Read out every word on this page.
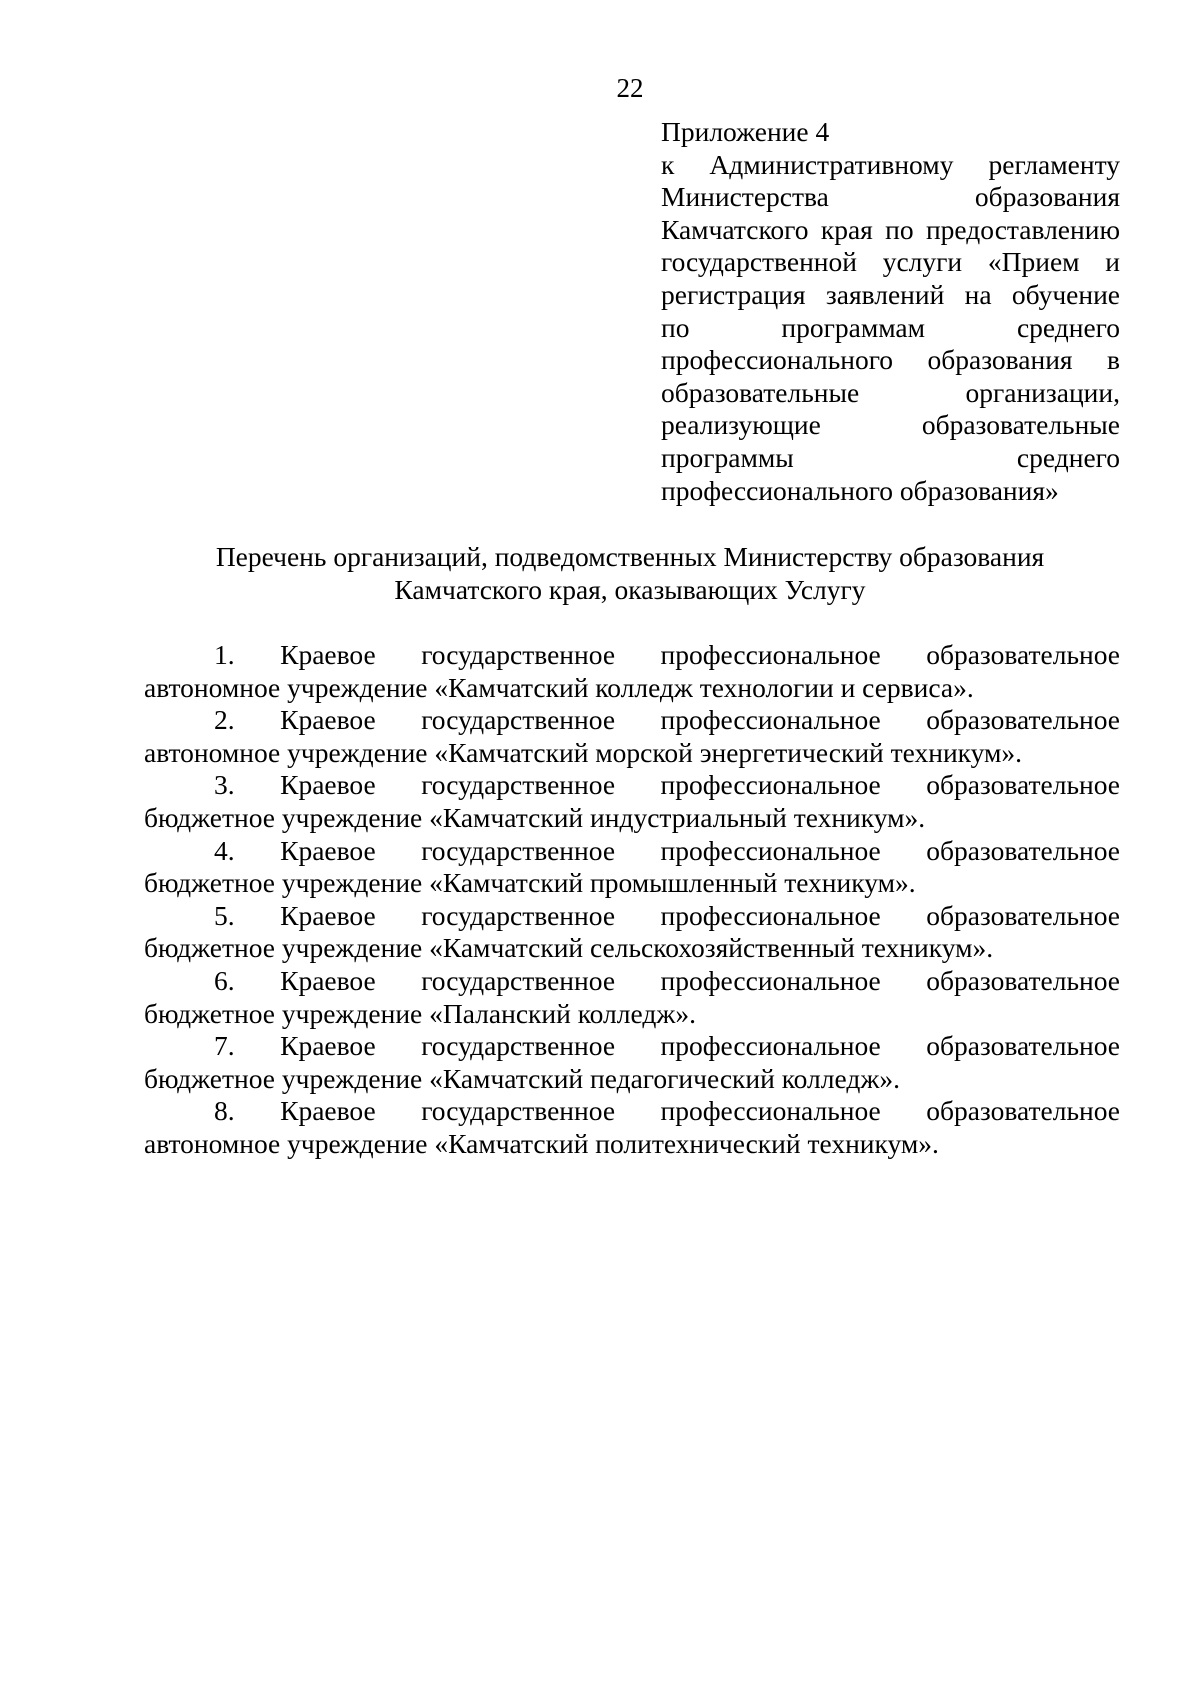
22
Приложение 4
к Административному регламенту
Министерства образования
Камчатского края по предоставлению
государственной услуги «Прием и
регистрация заявлений на обучение
по программам среднего
профессионального образования в
образовательные организации,
реализующие образовательные
программы среднего
профессионального образования»
Перечень организаций, подведомственных Министерству образования
Камчатского края, оказывающих Услугу
1. Краевое государственное профессиональное образовательное
автономное учреждение «Камчатский колледж технологии и сервиса».
2. Краевое государственное профессиональное образовательное
автономное учреждение «Камчатский морской энергетический техникум».
3. Краевое государственное профессиональное образовательное
бюджетное учреждение «Камчатский индустриальный техникум».
4. Краевое государственное профессиональное образовательное
бюджетное учреждение «Камчатский промышленный техникум».
5. Краевое государственное профессиональное образовательное
бюджетное учреждение «Камчатский сельскохозяйственный техникум».
6. Краевое государственное профессиональное образовательное
бюджетное учреждение «Паланский колледж».
7. Краевое государственное профессиональное образовательное
бюджетное учреждение «Камчатский педагогический колледж».
8. Краевое государственное профессиональное образовательное
автономное учреждение «Камчатский политехнический техникум».
